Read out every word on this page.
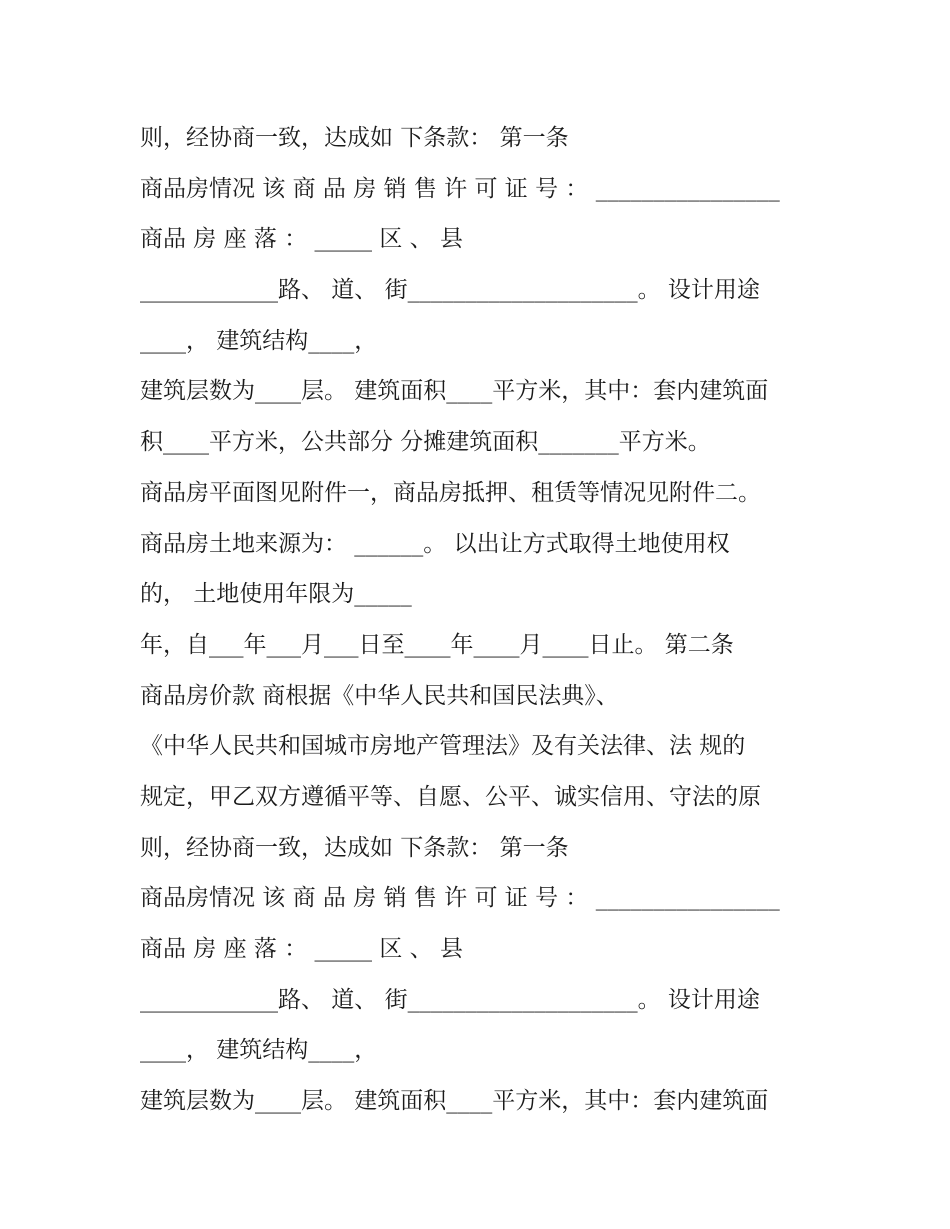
则，经协商一致，达成如 下条款： 第一条
商品房情况 该 商 品 房 销 售 许 可 证 号 ： ________________
商品 房 座 落 ： _____ 区 、 县
____________路、 道、 街____________________。 设计用途
____， 建筑结构____，
建筑层数为____层。 建筑面积____平方米，其中：套内建筑面
积____平方米，公共部分 分摊建筑面积_______平方米。
商品房平面图见附件一，商品房抵押、租赁等情况见附件二。
商品房土地来源为： ______。 以出让方式取得土地使用权
的， 土地使用年限为_____
年，自___年___月___日至____年____月____日止。 第二条
商品房价款 商根据《中华人民共和国民法典》、
《中华人民共和国城市房地产管理法》及有关法律、法 规的
规定，甲乙双方遵循平等、自愿、公平、诚实信用、守法的原
则，经协商一致，达成如 下条款： 第一条
商品房情况 该 商 品 房 销 售 许 可 证 号 ： ________________
商品 房 座 落 ： _____ 区 、 县
____________路、 道、 街____________________。 设计用途
____， 建筑结构____，
建筑层数为____层。 建筑面积____平方米，其中：套内建筑面
